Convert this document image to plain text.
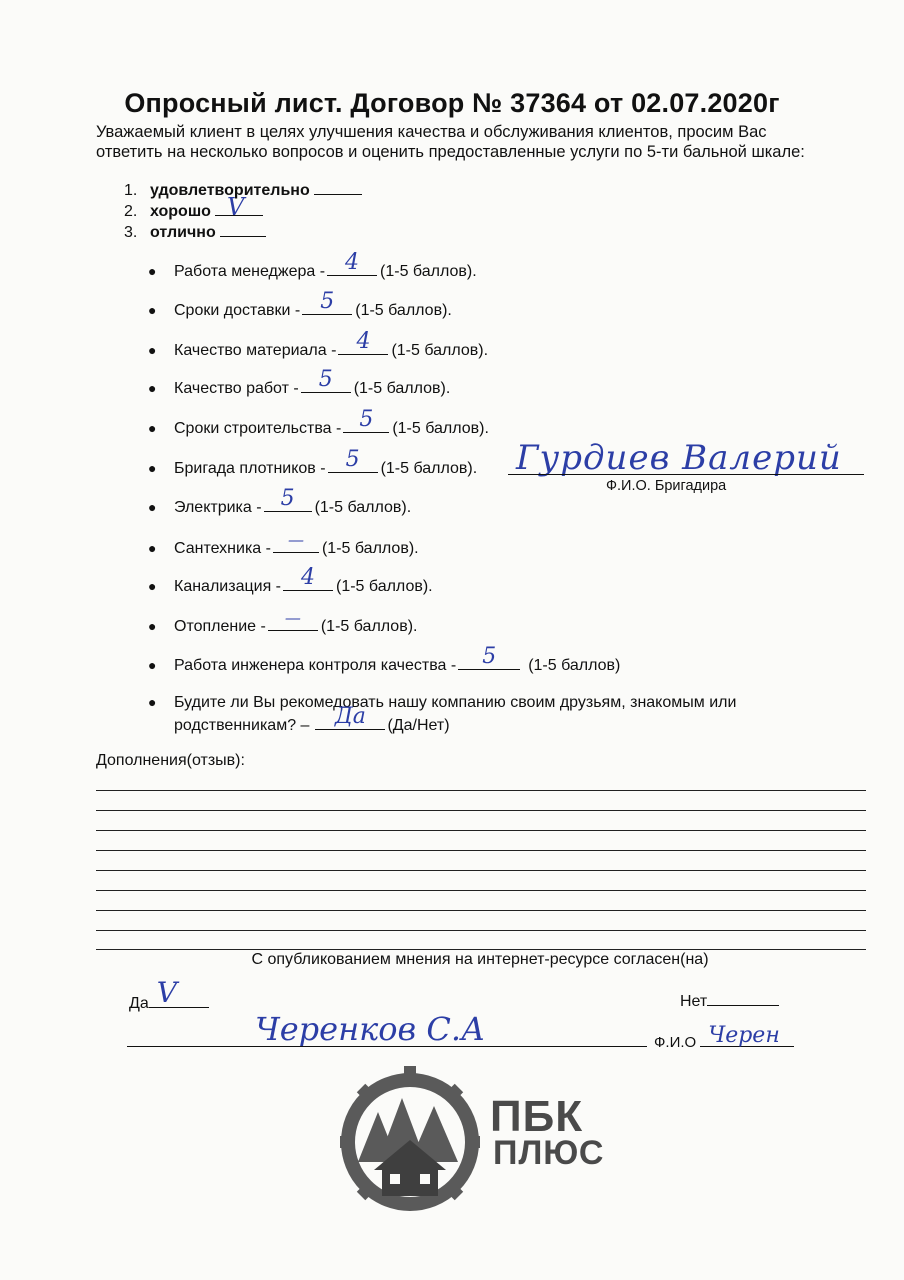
Опросный лист. Договор № 37364 от 02.07.2020г
Уважаемый клиент в целях улучшения качества и обслуживания клиентов, просим Вас
ответить на несколько вопросов и оценить предоставленные услуги по 5-ти бальной шкале:
1. удовлетворительно
2. хорошо V
3. отлично
●	Работа менеджера - 4	(1-5 баллов).
●	Сроки доставки - 5	(1-5 баллов).
●	Качество материала - 4	(1-5 баллов).
●	Качество работ - 5	(1-5 баллов).
●	Сроки строительства - 5	(1-5 баллов).
●	Бригада плотников - 5	(1-5 баллов).
●	Электрика - 5	(1-5 баллов).
●	Сантехника -	—	(1-5 баллов).
●	Канализация - 4	(1-5 баллов).
●	Отопление -	—	(1-5 баллов).
●	Работа инженера контроля качества -	5	(1-5 баллов)
Гурдиев Валерий
Ф.И.О. Бригадира
●	Будите ли Вы рекомедовать нашу компанию своим друзьям, знакомым или
родственникам? –	Да	(Да/Нет)
Дополнения(отзыв):
С опубликованием мнения на интернет-ресурсе согласен(на)
Да V	Нет
Черенков С.А	Ф.И.О Черен
ПБК
ПЛЮС
